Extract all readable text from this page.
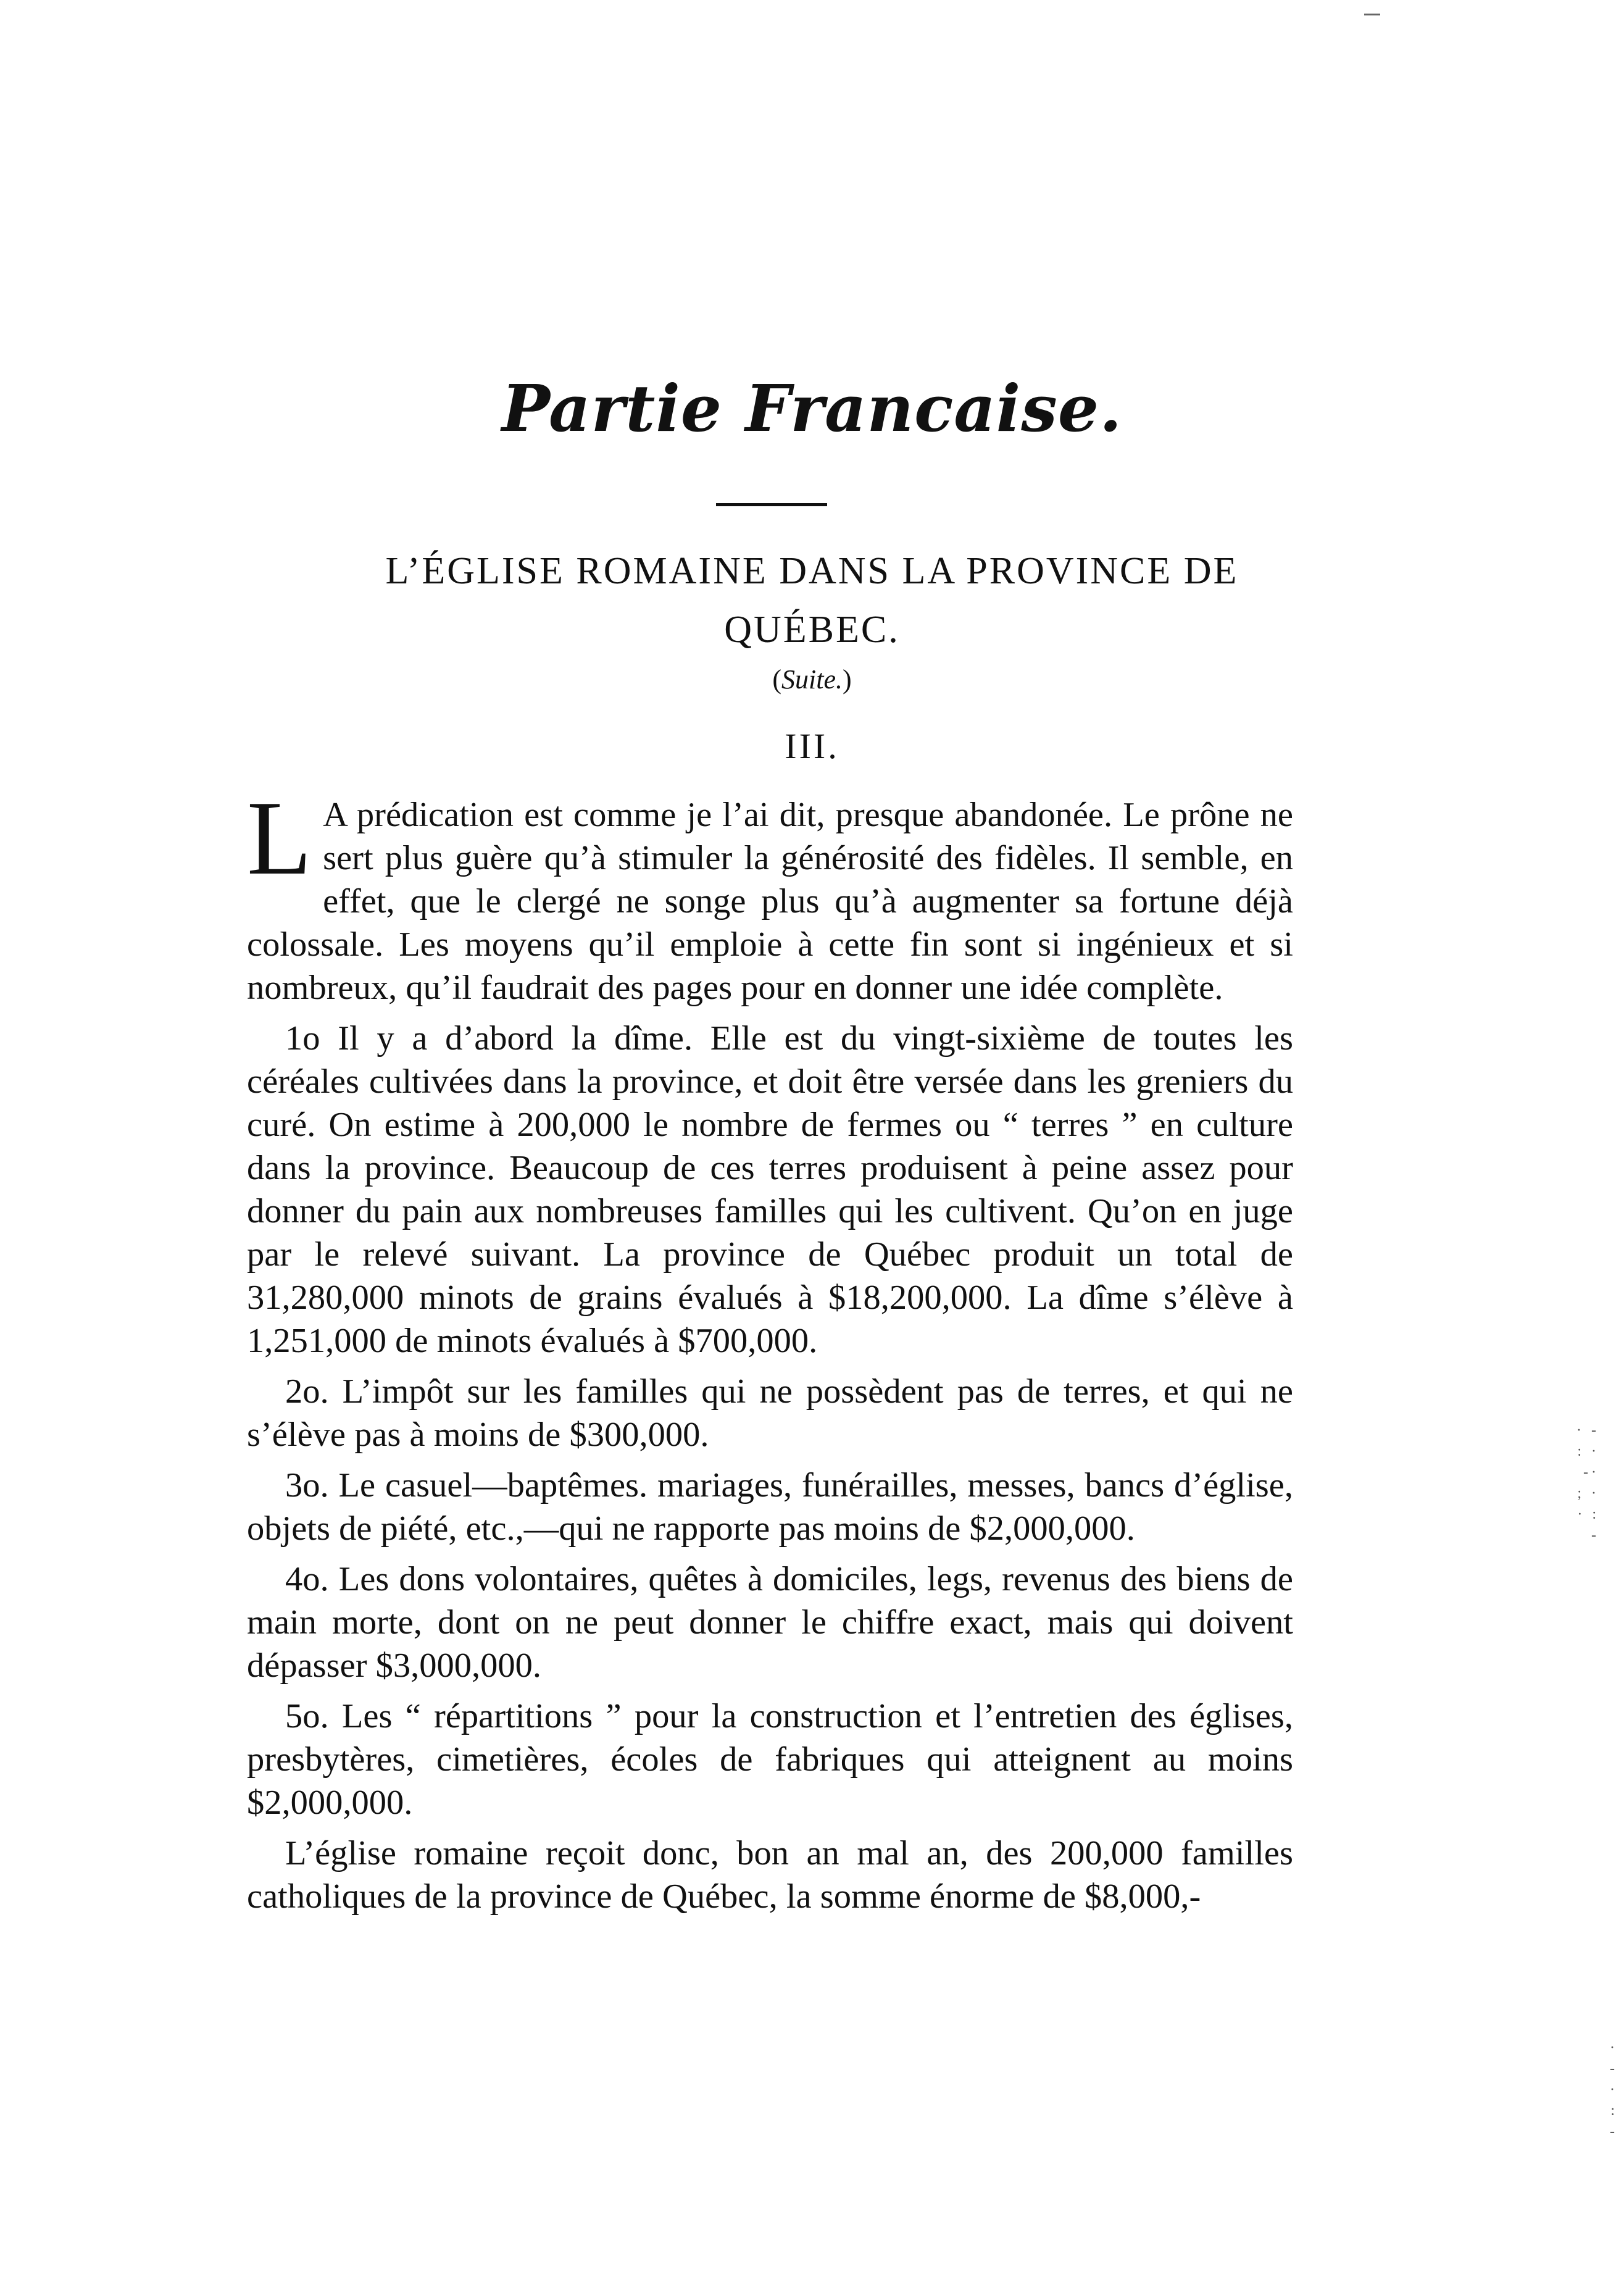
Partie Francaise.
L’ÉGLISE ROMAINE DANS LA PROVINCE DE
QUÉBEC.
(Suite.)
III.

L A prédication est comme je l’ai dit, presque abandonée. Le prône ne sert plus guère qu’à stimuler la générosité des fidèles. Il semble, en effet, que le clergé ne songe plus qu’à augmenter sa fortune déjà colossale. Les moyens qu’il emploie à cette fin sont si ingénieux et si nombreux, qu’il faudrait des pages pour en donner une idée complète.

1o Il y a d’abord la dîme. Elle est du vingt-sixième de toutes les céréales cultivées dans la province, et doit être versée dans les greniers du curé. On estime à 200,000 le nombre de fermes ou “ terres ” en culture dans la province. Beaucoup de ces terres produisent à peine assez pour donner du pain aux nombreuses familles qui les cultivent. Qu’on en juge par le relevé suivant. La province de Québec produit un total de 31,280,000 minots de grains évalués à $18,200,000. La dîme s’élève à 1,251,000 de minots évalués à $700,000.

2o. L’impôt sur les familles qui ne possèdent pas de terres, et qui ne s’élève pas à moins de $300,000.

3o. Le casuel—baptêmes. mariages, funérailles, messes, bancs d’église, objets de piété, etc.,—qui ne rapporte pas moins de $2,000,000.

4o. Les dons volontaires, quêtes à domiciles, legs, revenus des biens de main morte, dont on ne peut donner le chiffre exact, mais qui doivent dépasser $3,000,000.

5o. Les “ répartitions ” pour la construction et l’entretien des églises, presbytères, cimetières, écoles de fabriques qui atteignent au moins $2,000,000.

L’église romaine reçoit donc, bon an mal an, des 200,000 familles catholiques de la province de Québec, la somme énorme de $8,000,-

· -
: ·
-·
; ·
· :
-
·
-
·
:
-
